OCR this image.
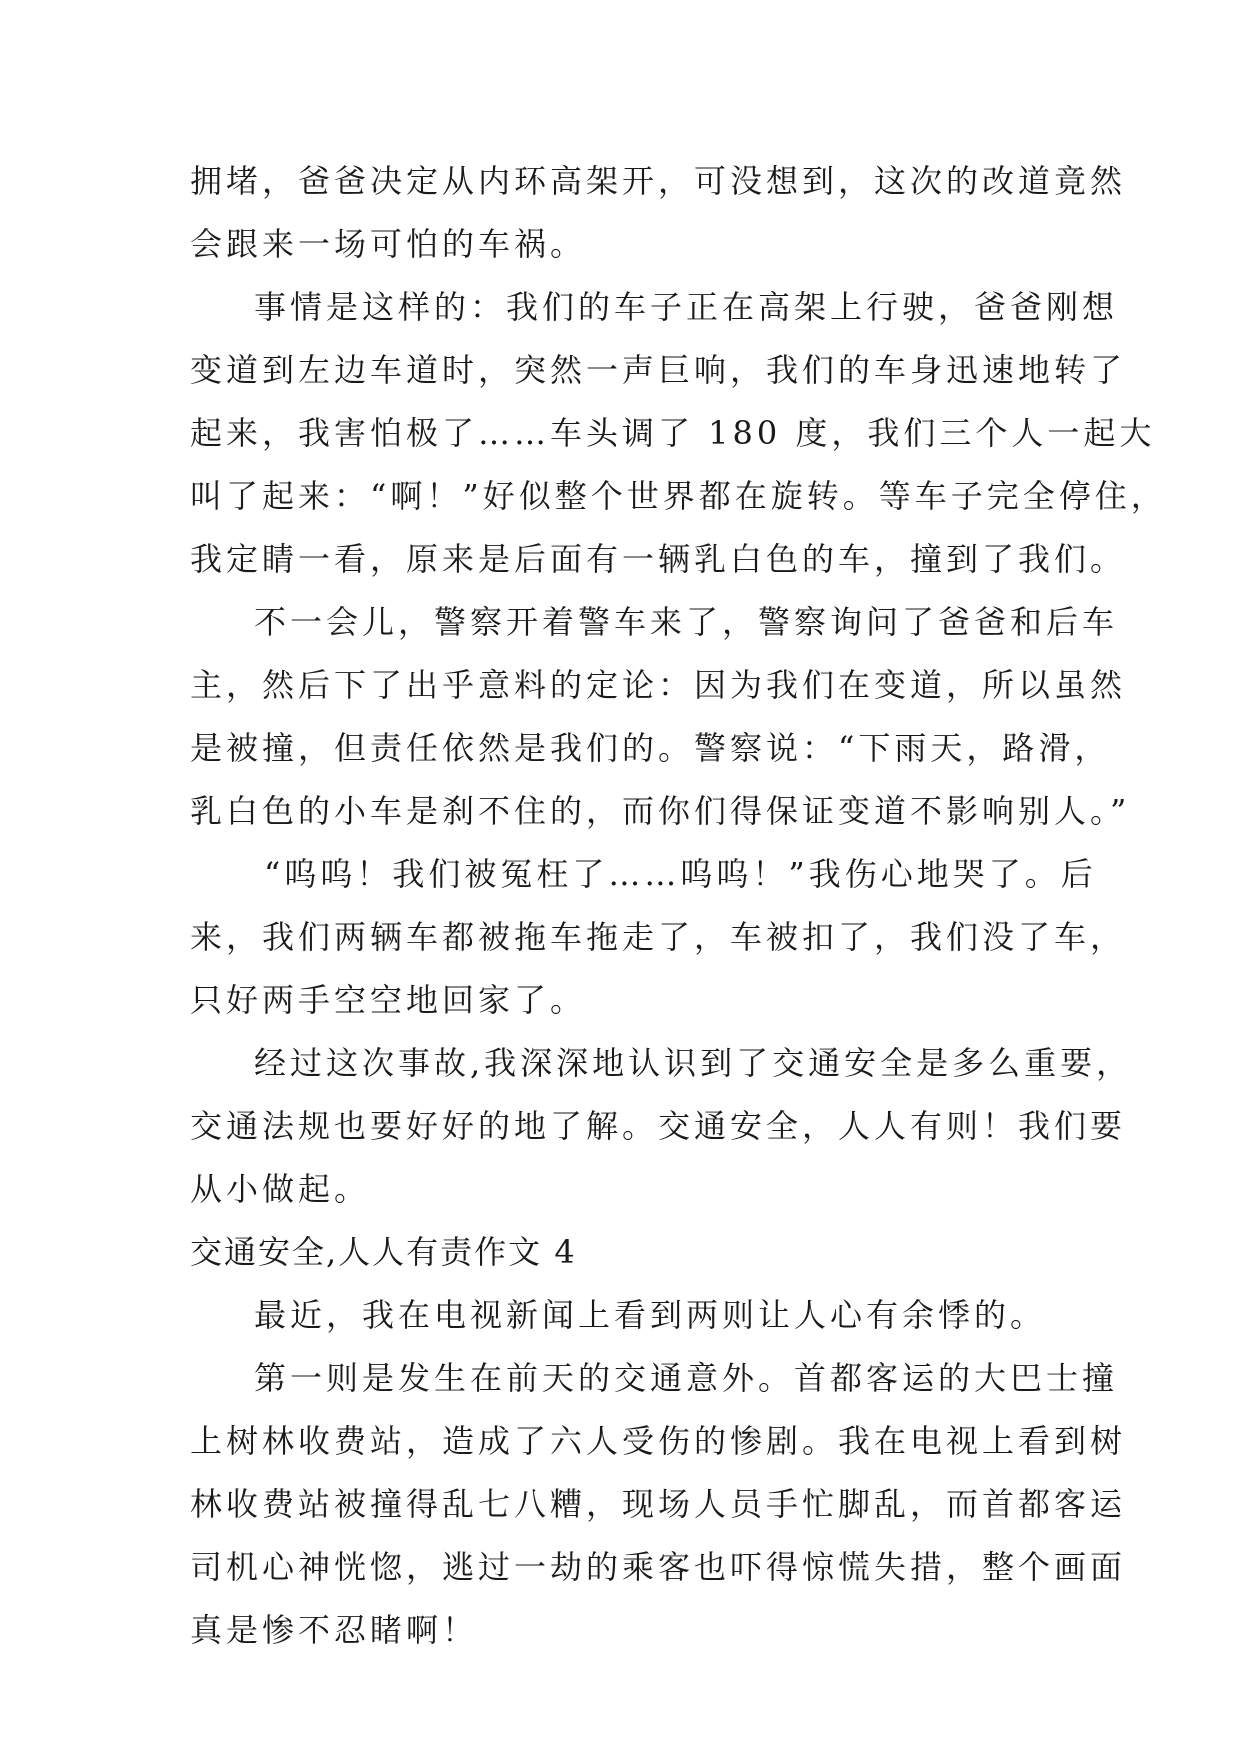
拥堵，爸爸决定从内环高架开，可没想到，这次的改道竟然
会跟来一场可怕的车祸。
事情是这样的：我们的车子正在高架上行驶，爸爸刚想
变道到左边车道时，突然一声巨响，我们的车身迅速地转了
起来，我害怕极了……车头调了 180 度，我们三个人一起大
叫了起来：“啊！”好似整个世界都在旋转。等车子完全停住，
我定睛一看，原来是后面有一辆乳白色的车，撞到了我们。
不一会儿，警察开着警车来了，警察询问了爸爸和后车
主，然后下了出乎意料的定论：因为我们在变道，所以虽然
是被撞，但责任依然是我们的。警察说：“下雨天，路滑，
乳白色的小车是刹不住的，而你们得保证变道不影响别人。”
“呜呜！我们被冤枉了……呜呜！”我伤心地哭了。后
来，我们两辆车都被拖车拖走了，车被扣了，我们没了车，
只好两手空空地回家了。
经过这次事故,我深深地认识到了交通安全是多么重要，
交通法规也要好好的地了解。交通安全，人人有则！我们要
从小做起。
交通安全,人人有责作文 4
最近，我在电视新闻上看到两则让人心有余悸的。
第一则是发生在前天的交通意外。首都客运的大巴士撞
上树林收费站，造成了六人受伤的惨剧。我在电视上看到树
林收费站被撞得乱七八糟，现场人员手忙脚乱，而首都客运
司机心神恍惚，逃过一劫的乘客也吓得惊慌失措，整个画面
真是惨不忍睹啊！
